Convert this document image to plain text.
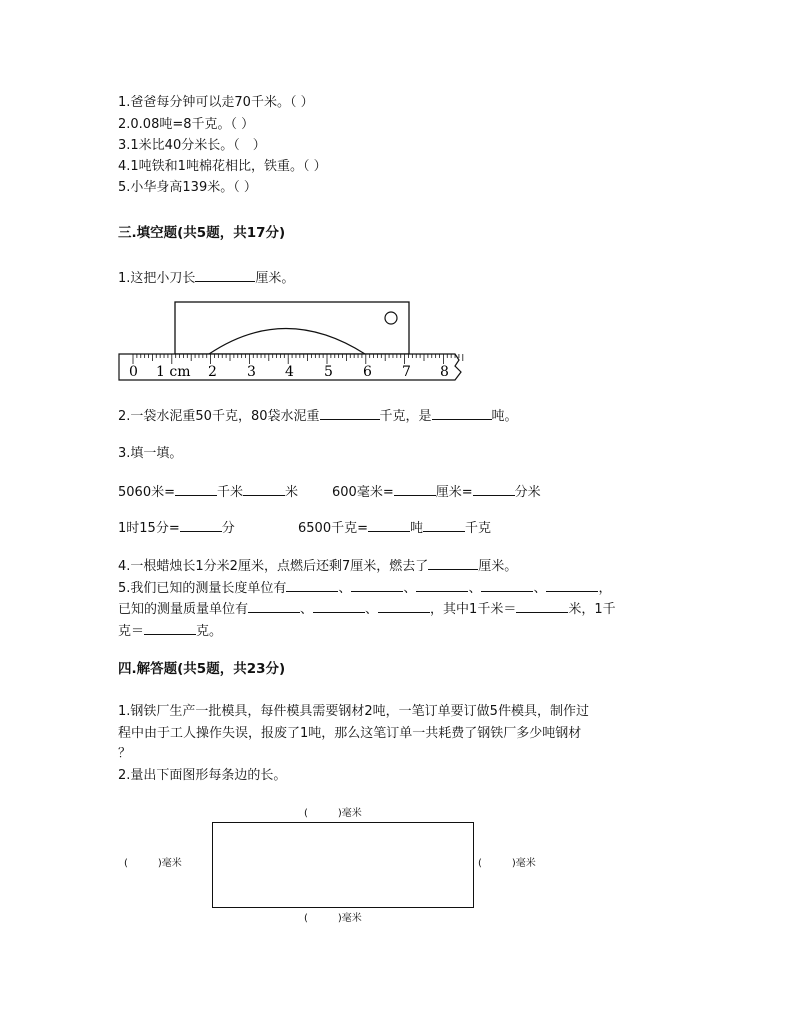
1.爸爸每分钟可以走70千米。（ ）
2.0.08吨=8千克。（ ）
3.1米比40分米长。（　）
4.1吨铁和1吨棉花相比，铁重。（ ）
5.小华身高139米。（ ）
三.填空题(共5题，共17分)
1.这把小刀长	厘米。
0 1 cm 2 3 4 5 6 7 8
2.一袋水泥重50千克，80袋水泥重	千克，是	吨。
3.填一填。
5060米=	千米	米	600毫米=	厘米=	分米
1时15分=	分	6500千克=	吨	千克
4.一根蜡烛长1分米2厘米，点燃后还剩7厘米，燃去了	厘米。
5.我们已知的测量长度单位有	、	、	、	、	，
已知的测量质量单位有	、	、	，其中1千米＝	米，1千
克＝	克。
四.解答题(共5题，共23分)
1.钢铁厂生产一批模具，每件模具需要钢材2吨，一笔订单要订做5件模具，制作过
程中由于工人操作失误，报废了1吨，那么这笔订单一共耗费了钢铁厂多少吨钢材
？
2.量出下面图形每条边的长。
(　　　)毫米
(　　　)毫米	(　　　)毫米
(　　　)毫米
